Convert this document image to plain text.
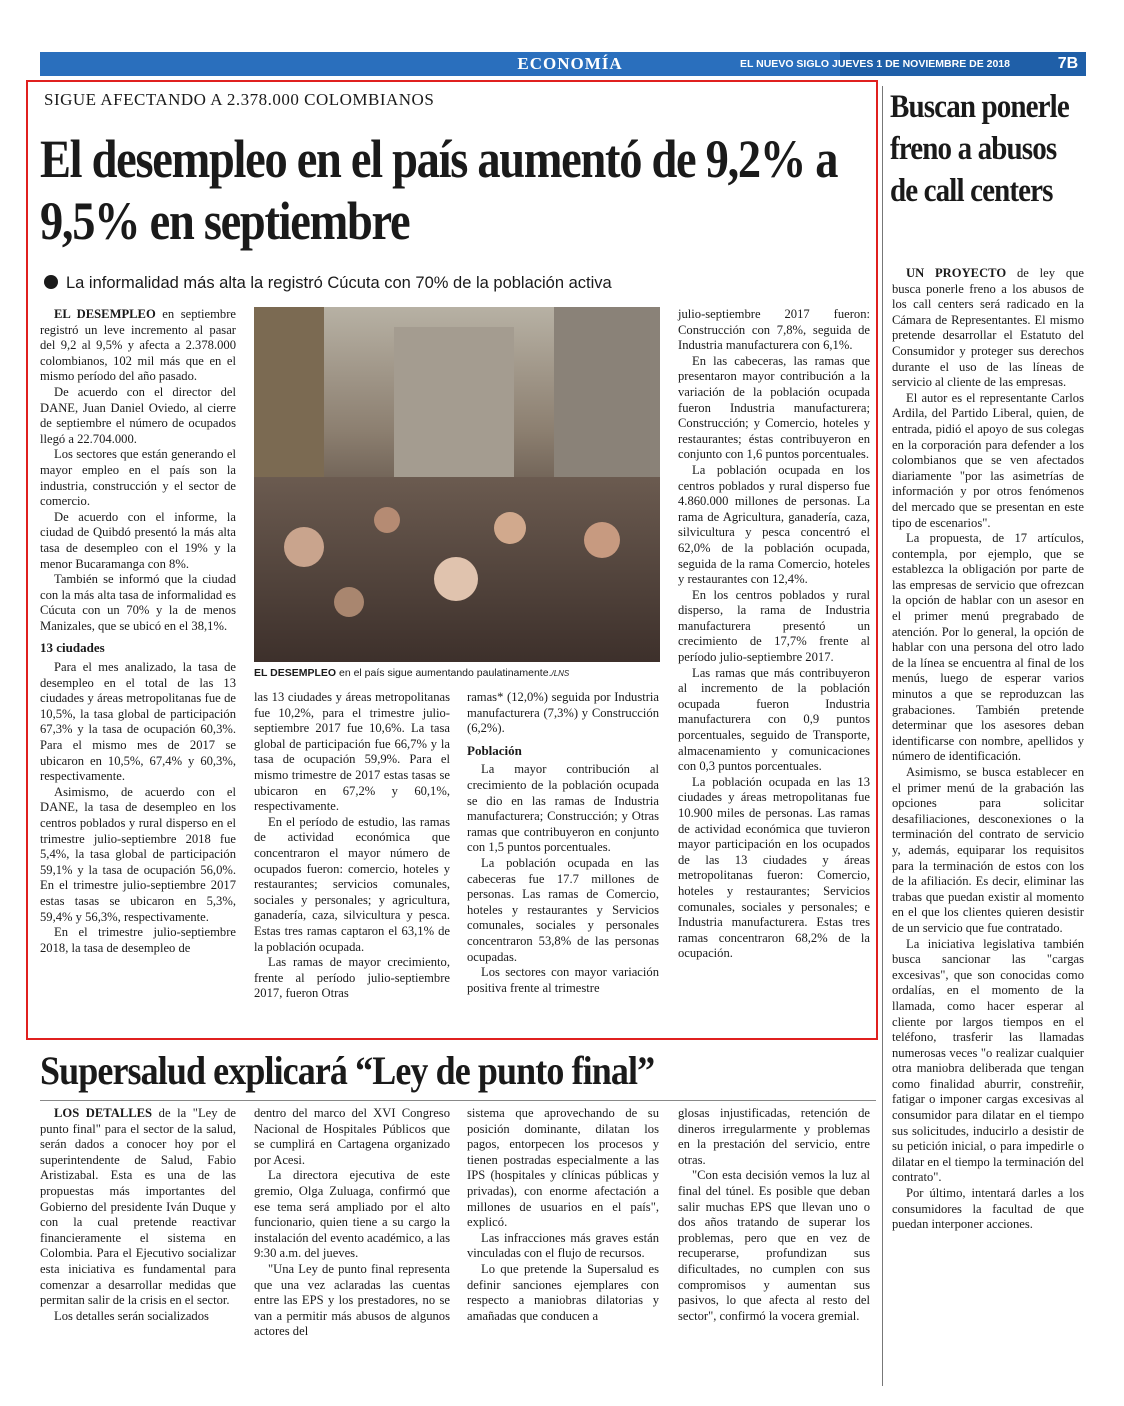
ECONOMÍA	EL NUEVO SIGLO JUEVES 1 DE NOVIEMBRE DE 2018	7B
SIGUE AFECTANDO A 2.378.000 COLOMBIANOS
El desempleo en el país aumentó de 9,2% a 9,5% en septiembre
La informalidad más alta la registró Cúcuta con 70% de la población activa

EL DESEMPLEO en septiembre registró un leve incremento al pasar del 9,2 al 9,5% y afecta a 2.378.000 colombianos, 102 mil más que en el mismo período del año pasado.

De acuerdo con el director del DANE, Juan Daniel Oviedo, al cierre de septiembre el número de ocupados llegó a 22.704.000.

Los sectores que están generando el mayor empleo en el país son la industria, construcción y el sector de comercio.

De acuerdo con el informe, la ciudad de Quibdó presentó la más alta tasa de desempleo con el 19% y la menor Bucaramanga con 8%.

También se informó que la ciudad con la más alta tasa de informalidad es Cúcuta con un 70% y la de menos Manizales, que se ubicó en el 38,1%.

13 ciudades

Para el mes analizado, la tasa de desempleo en el total de las 13 ciudades y áreas metropolitanas fue de 10,5%, la tasa global de participación 67,3% y la tasa de ocupación 60,3%. Para el mismo mes de 2017 se ubicaron en 10,5%, 67,4% y 60,3%, respectivamente.

Asimismo, de acuerdo con el DANE, la tasa de desempleo en los centros poblados y rural disperso en el trimestre julio-septiembre 2018 fue 5,4%, la tasa global de participación 59,1% y la tasa de ocupación 56,0%. En el trimestre julio-septiembre 2017 estas tasas se ubicaron en 5,3%, 59,4% y 56,3%, respectivamente.

En el trimestre julio-septiembre 2018, la tasa de desempleo de

EL DESEMPLEO en el país sigue aumentando paulatinamente./LNS

las 13 ciudades y áreas metropolitanas fue 10,2%, para el trimestre julio-septiembre 2017 fue 10,6%. La tasa global de participación fue 66,7% y la tasa de ocupación 59,9%. Para el mismo trimestre de 2017 estas tasas se ubicaron en 67,2% y 60,1%, respectivamente.

En el período de estudio, las ramas de actividad económica que concentraron el mayor número de ocupados fueron: comercio, hoteles y restaurantes; servicios comunales, sociales y personales; y agricultura, ganadería, caza, silvicultura y pesca. Estas tres ramas captaron el 63,1% de la población ocupada.

Las ramas de mayor crecimiento, frente al período julio-septiembre 2017, fueron Otras

ramas* (12,0%) seguida por Industria manufacturera (7,3%) y Construcción (6,2%).

Población

La mayor contribución al crecimiento de la población ocupada se dio en las ramas de Industria manufacturera; Construcción; y Otras ramas que contribuyeron en conjunto con 1,5 puntos porcentuales.

La población ocupada en las cabeceras fue 17.7 millones de personas. Las ramas de Comercio, hoteles y restaurantes y Servicios comunales, sociales y personales concentraron 53,8% de las personas ocupadas.

Los sectores con mayor variación positiva frente al trimestre

julio-septiembre 2017 fueron: Construcción con 7,8%, seguida de Industria manufacturera con 6,1%.

En las cabeceras, las ramas que presentaron mayor contribución a la variación de la población ocupada fueron Industria manufacturera; Construcción; y Comercio, hoteles y restaurantes; éstas contribuyeron en conjunto con 1,6 puntos porcentuales.

La población ocupada en los centros poblados y rural disperso fue 4.860.000 millones de personas. La rama de Agricultura, ganadería, caza, silvicultura y pesca concentró el 62,0% de la población ocupada, seguida de la rama Comercio, hoteles y restaurantes con 12,4%.

En los centros poblados y rural disperso, la rama de Industria manufacturera presentó un crecimiento de 17,7% frente al período julio-septiembre 2017.

Las ramas que más contribuyeron al incremento de la población ocupada fueron Industria manufacturera con 0,9 puntos porcentuales, seguido de Transporte, almacenamiento y comunicaciones con 0,3 puntos porcentuales.

La población ocupada en las 13 ciudades y áreas metropolitanas fue 10.900 miles de personas. Las ramas de actividad económica que tuvieron mayor participación en los ocupados de las 13 ciudades y áreas metropolitanas fueron: Comercio, hoteles y restaurantes; Servicios comunales, sociales y personales; e Industria manufacturera. Estas tres ramas concentraron 68,2% de la ocupación.

Buscan ponerle freno a abusos de call centers

UN PROYECTO de ley que busca ponerle freno a los abusos de los call centers será radicado en la Cámara de Representantes. El mismo pretende desarrollar el Estatuto del Consumidor y proteger sus derechos durante el uso de las líneas de servicio al cliente de las empresas.

El autor es el representante Carlos Ardila, del Partido Liberal, quien, de entrada, pidió el apoyo de sus colegas en la corporación para defender a los colombianos que se ven afectados diariamente "por las asimetrías de información y por otros fenómenos del mercado que se presentan en este tipo de escenarios".

La propuesta, de 17 artículos, contempla, por ejemplo, que se establezca la obligación por parte de las empresas de servicio que ofrezcan la opción de hablar con un asesor en el primer menú pregrabado de atención. Por lo general, la opción de hablar con una persona del otro lado de la línea se encuentra al final de los menús, luego de esperar varios minutos a que se reproduzcan las grabaciones. También pretende determinar que los asesores deban identificarse con nombre, apellidos y número de identificación.

Asimismo, se busca establecer en el primer menú de la grabación las opciones para solicitar desafiliaciones, desconexiones o la terminación del contrato de servicio y, además, equiparar los requisitos para la terminación de estos con los de la afiliación. Es decir, eliminar las trabas que puedan existir al momento en el que los clientes quieren desistir de un servicio que fue contratado.

La iniciativa legislativa también busca sancionar las "cargas excesivas", que son conocidas como ordalías, en el momento de la llamada, como hacer esperar al cliente por largos tiempos en el teléfono, trasferir las llamadas numerosas veces "o realizar cualquier otra maniobra deliberada que tengan como finalidad aburrir, constreñir, fatigar o imponer cargas excesivas al consumidor para dilatar en el tiempo sus solicitudes, inducirlo a desistir de su petición inicial, o para impedirle o dilatar en el tiempo la terminación del contrato".

Por último, intentará darles a los consumidores la facultad de que puedan interponer acciones.

Supersalud explicará “Ley de punto final”

LOS DETALLES de la "Ley de punto final" para el sector de la salud, serán dados a conocer hoy por el superintendente de Salud, Fabio Aristizabal. Esta es una de las propuestas más importantes del Gobierno del presidente Iván Duque y con la cual pretende reactivar financieramente el sistema en Colombia. Para el Ejecutivo socializar esta iniciativa es fundamental para comenzar a desarrollar medidas que permitan salir de la crisis en el sector.

Los detalles serán socializados

dentro del marco del XVI Congreso Nacional de Hospitales Públicos que se cumplirá en Cartagena organizado por Acesi.

La directora ejecutiva de este gremio, Olga Zuluaga, confirmó que ese tema será ampliado por el alto funcionario, quien tiene a su cargo la instalación del evento académico, a las 9:30 a.m. del jueves.

"Una Ley de punto final representa que una vez aclaradas las cuentas entre las EPS y los prestadores, no se van a permitir más abusos de algunos actores del

sistema que aprovechando de su posición dominante, dilatan los pagos, entorpecen los procesos y tienen postradas especialmente a las IPS (hospitales y clínicas públicas y privadas), con enorme afectación a millones de usuarios en el país", explicó.

Las infracciones más graves están vinculadas con el flujo de recursos.

Lo que pretende la Supersalud es definir sanciones ejemplares con respecto a maniobras dilatorias y amañadas que conducen a

glosas injustificadas, retención de dineros irregularmente y problemas en la prestación del servicio, entre otras.

"Con esta decisión vemos la luz al final del túnel. Es posible que deban salir muchas EPS que llevan uno o dos años tratando de superar los problemas, pero que en vez de recuperarse, profundizan sus dificultades, no cumplen con sus compromisos y aumentan sus pasivos, lo que afecta al resto del sector", confirmó la vocera gremial.
